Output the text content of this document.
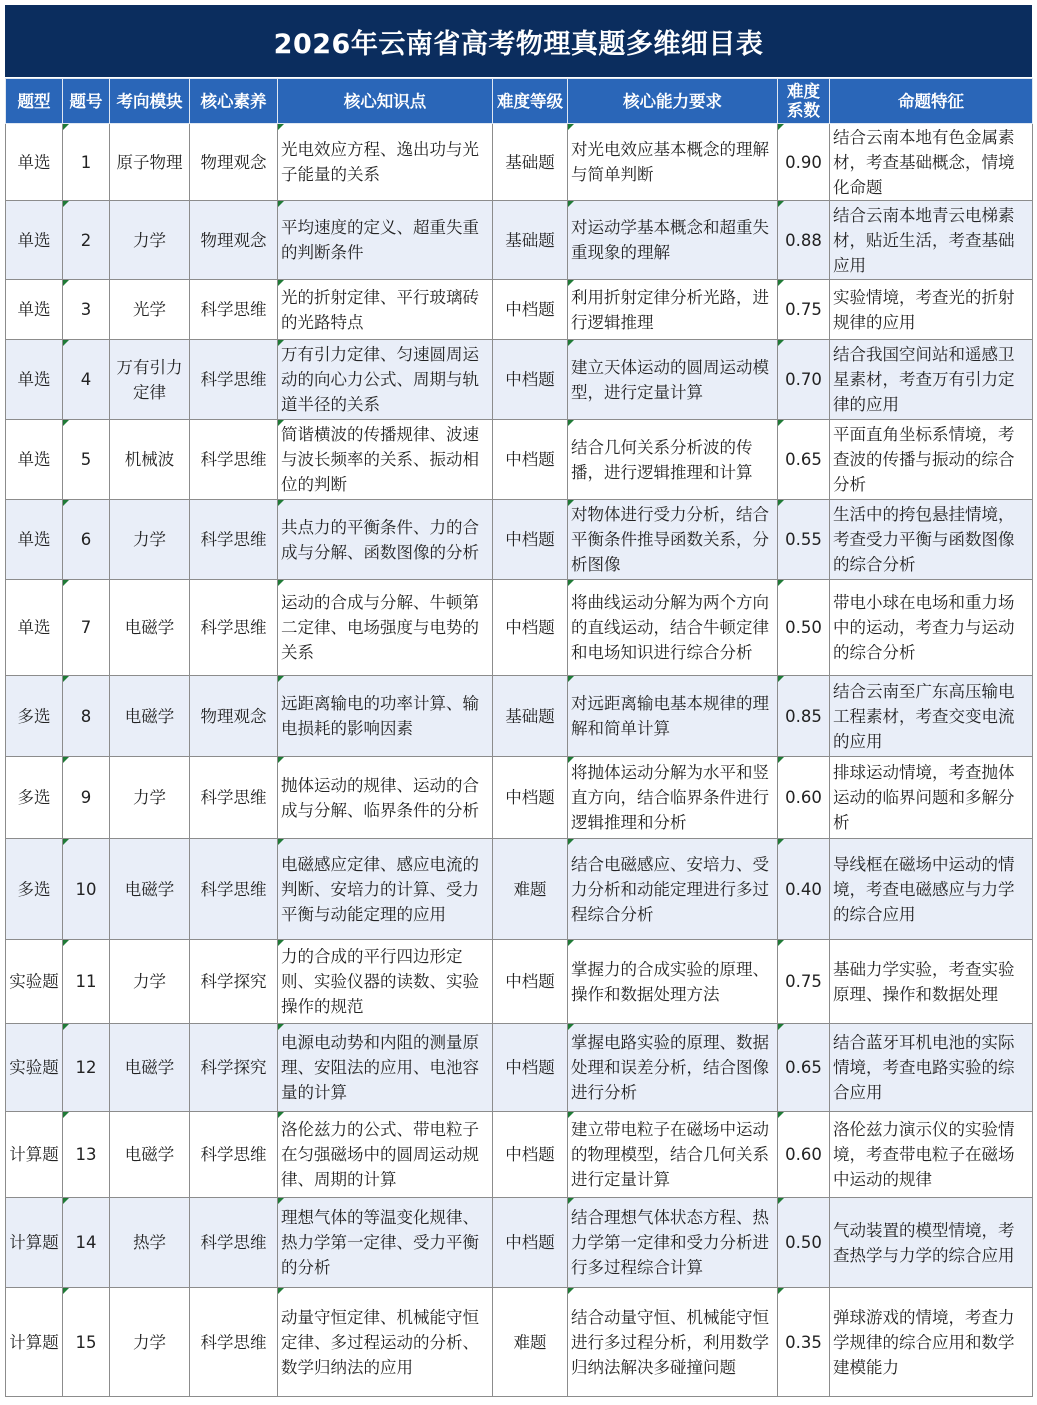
2026年云南省高考物理真题多维细目表
题型	题号	考向模块	核心素养	核心知识点	难度等级	核心能力要求	难度系数	命题特征
单选	1	原子物理	物理观念	光电效应方程、逸出功与光子能量的关系	基础题	对光电效应基本概念的理解与简单判断	0.90	结合云南本地有色金属素材，考查基础概念，情境化命题
单选	2	力学	物理观念	平均速度的定义、超重失重的判断条件	基础题	对运动学基本概念和超重失重现象的理解	0.88	结合云南本地青云电梯素材，贴近生活，考查基础应用
单选	3	光学	科学思维	光的折射定律、平行玻璃砖的光路特点	中档题	利用折射定律分析光路，进行逻辑推理	0.75	实验情境，考查光的折射规律的应用
单选	4	万有引力定律	科学思维	万有引力定律、匀速圆周运动的向心力公式、周期与轨道半径的关系	中档题	建立天体运动的圆周运动模型，进行定量计算	0.70	结合我国空间站和遥感卫星素材，考查万有引力定律的应用
单选	5	机械波	科学思维	简谐横波的传播规律、波速与波长频率的关系、振动相位的判断	中档题	结合几何关系分析波的传播，进行逻辑推理和计算	0.65	平面直角坐标系情境，考查波的传播与振动的综合分析
单选	6	力学	科学思维	共点力的平衡条件、力的合成与分解、函数图像的分析	中档题	对物体进行受力分析，结合平衡条件推导函数关系，分析图像	0.55	生活中的挎包悬挂情境，考查受力平衡与函数图像的综合分析
单选	7	电磁学	科学思维	运动的合成与分解、牛顿第二定律、电场强度与电势的关系	中档题	将曲线运动分解为两个方向的直线运动，结合牛顿定律和电场知识进行综合分析	0.50	带电小球在电场和重力场中的运动，考查力与运动的综合分析
多选	8	电磁学	物理观念	远距离输电的功率计算、输电损耗的影响因素	基础题	对远距离输电基本规律的理解和简单计算	0.85	结合云南至广东高压输电工程素材，考查交变电流的应用
多选	9	力学	科学思维	抛体运动的规律、运动的合成与分解、临界条件的分析	中档题	将抛体运动分解为水平和竖直方向，结合临界条件进行逻辑推理和分析	0.60	排球运动情境，考查抛体运动的临界问题和多解分析
多选	10	电磁学	科学思维	电磁感应定律、感应电流的判断、安培力的计算、受力平衡与动能定理的应用	难题	结合电磁感应、安培力、受力分析和动能定理进行多过程综合分析	0.40	导线框在磁场中运动的情境，考查电磁感应与力学的综合应用
实验题	11	力学	科学探究	力的合成的平行四边形定则、实验仪器的读数、实验操作的规范	中档题	掌握力的合成实验的原理、操作和数据处理方法	0.75	基础力学实验，考查实验原理、操作和数据处理
实验题	12	电磁学	科学探究	电源电动势和内阻的测量原理、安阻法的应用、电池容量的计算	中档题	掌握电路实验的原理、数据处理和误差分析，结合图像进行分析	0.65	结合蓝牙耳机电池的实际情境，考查电路实验的综合应用
计算题	13	电磁学	科学思维	洛伦兹力的公式、带电粒子在匀强磁场中的圆周运动规律、周期的计算	中档题	建立带电粒子在磁场中运动的物理模型，结合几何关系进行定量计算	0.60	洛伦兹力演示仪的实验情境，考查带电粒子在磁场中运动的规律
计算题	14	热学	科学思维	理想气体的等温变化规律、热力学第一定律、受力平衡的分析	中档题	结合理想气体状态方程、热力学第一定律和受力分析进行多过程综合计算	0.50	气动装置的模型情境，考查热学与力学的综合应用
计算题	15	力学	科学思维	动量守恒定律、机械能守恒定律、多过程运动的分析、数学归纳法的应用	难题	结合动量守恒、机械能守恒进行多过程分析，利用数学归纳法解决多碰撞问题	0.35	弹球游戏的情境，考查力学规律的综合应用和数学建模能力
